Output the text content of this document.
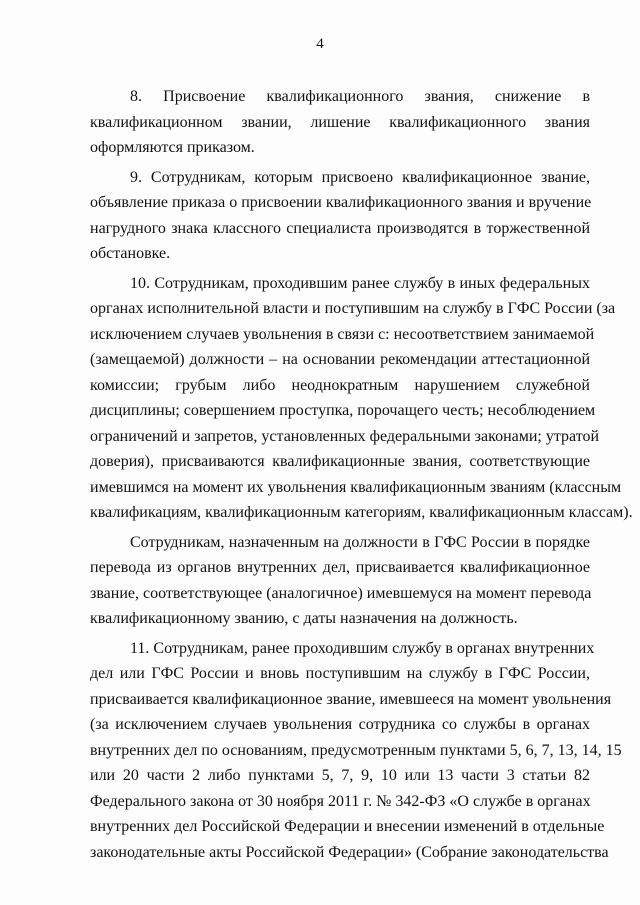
4
8. Присвоение квалификационного звания, снижение в
квалификационном звании, лишение квалификационного звания
оформляются приказом.
9. Сотрудникам, которым присвоено квалификационное звание,
объявление приказа о присвоении квалификационного звания и вручение
нагрудного знака классного специалиста производятся в торжественной
обстановке.
10. Сотрудникам, проходившим ранее службу в иных федеральных
органах исполнительной власти и поступившим на службу в ГФС России (за
исключением случаев увольнения в связи с: несоответствием занимаемой
(замещаемой) должности – на основании рекомендации аттестационной
комиссии; грубым либо неоднократным нарушением служебной
дисциплины; совершением проступка, порочащего честь; несоблюдением
ограничений и запретов, установленных федеральными законами; утратой
доверия), присваиваются квалификационные звания, соответствующие
имевшимся на момент их увольнения квалификационным званиям (классным
квалификациям, квалификационным категориям, квалификационным классам).
Сотрудникам, назначенным на должности в ГФС России в порядке
перевода из органов внутренних дел, присваивается квалификационное
звание, соответствующее (аналогичное) имевшемуся на момент перевода
квалификационному званию, с даты назначения на должность.
11. Сотрудникам, ранее проходившим службу в органах внутренних
дел или ГФС России и вновь поступившим на службу в ГФС России,
присваивается квалификационное звание, имевшееся на момент увольнения
(за исключением случаев увольнения сотрудника со службы в органах
внутренних дел по основаниям, предусмотренным пунктами 5, 6, 7, 13, 14, 15
или 20 части 2 либо пунктами 5, 7, 9, 10 или 13 части 3 статьи 82
Федерального закона от 30 ноября 2011 г. № 342-ФЗ «О службе в органах
внутренних дел Российской Федерации и внесении изменений в отдельные
законодательные акты Российской Федерации» (Собрание законодательства
